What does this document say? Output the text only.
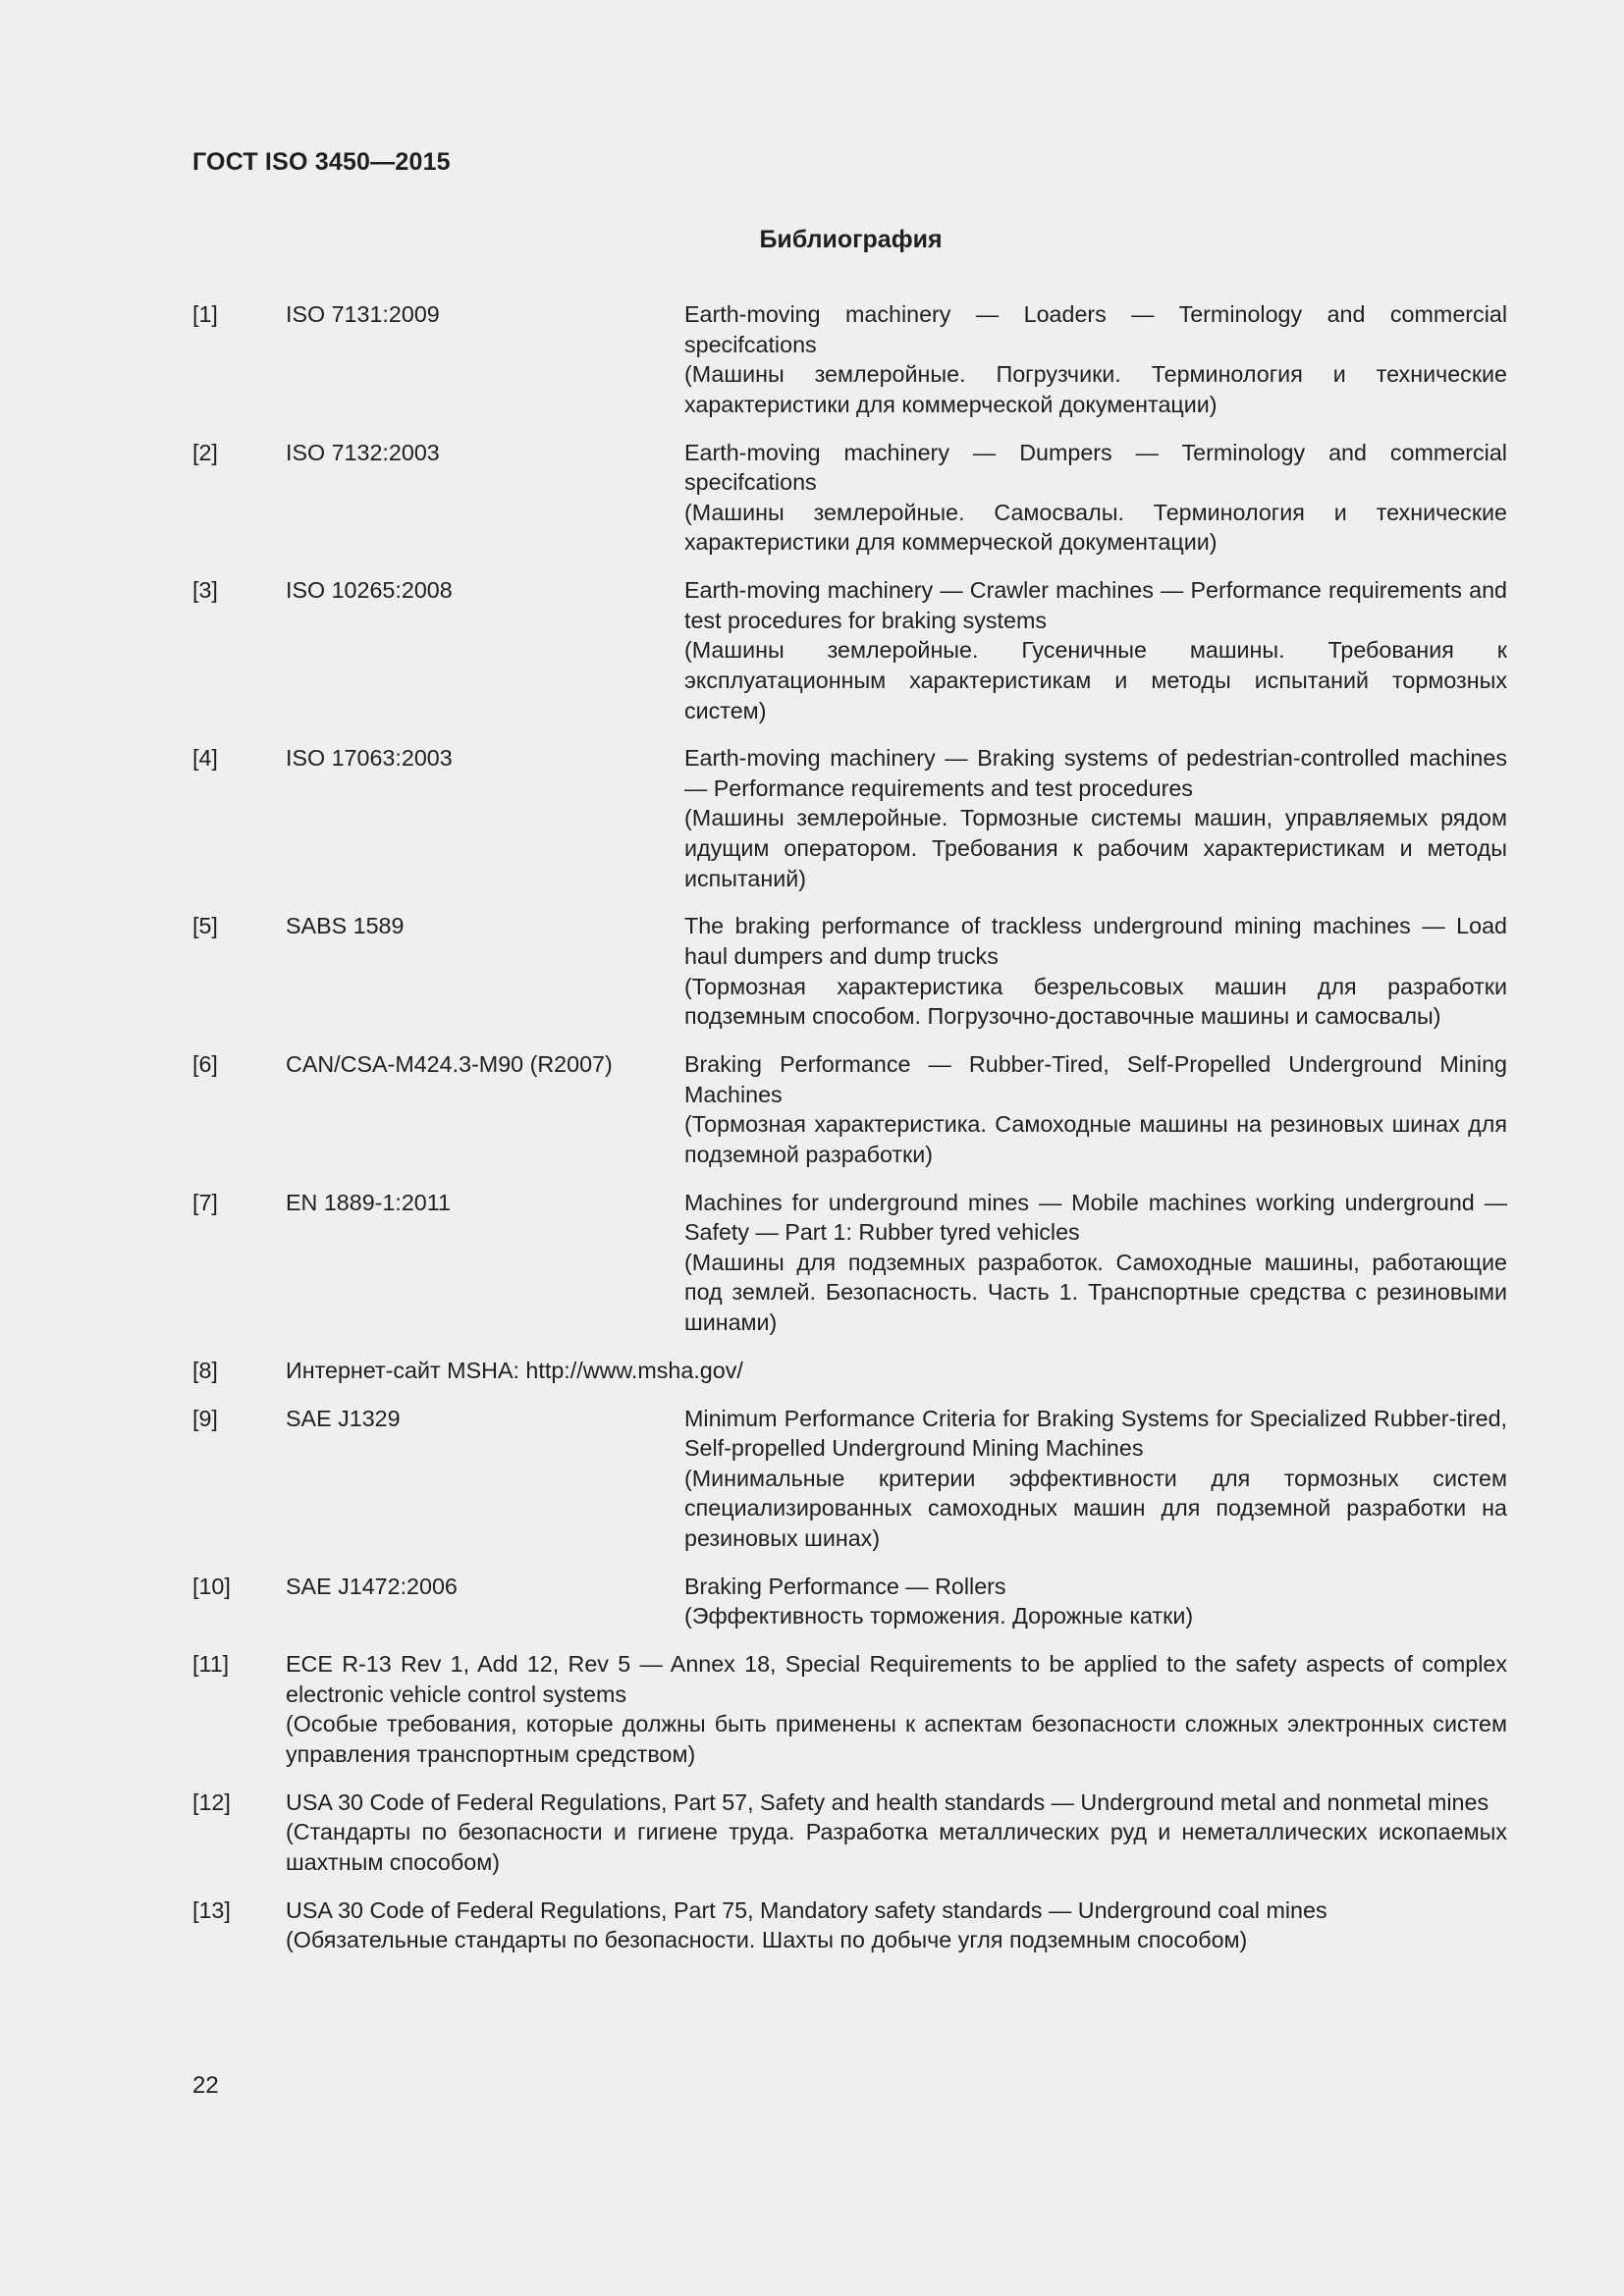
ГОСТ ISO 3450—2015
Библиография
[1]	ISO 7131:2009	Earth-moving machinery — Loaders — Terminology and commercial specifcations
(Машины землеройные. Погрузчики. Терминология и технические характеристики для коммерческой документации)
[2]	ISO 7132:2003	Earth-moving machinery — Dumpers — Terminology and commercial specifcations
(Машины землеройные. Самосвалы. Терминология и технические характеристики для коммерческой документации)
[3]	ISO 10265:2008	Earth-moving machinery — Crawler machines — Performance requirements and test procedures for braking systems
(Машины землеройные. Гусеничные машины. Требования к эксплуатационным характеристикам и методы испытаний тормозных систем)
[4]	ISO 17063:2003	Earth-moving machinery — Braking systems of pedestrian-controlled machines — Performance requirements and test procedures
(Машины землеройные. Тормозные системы машин, управляемых рядом идущим оператором. Требования к рабочим характеристикам и методы испытаний)
[5]	SABS 1589	The braking performance of trackless underground mining machines — Load haul dumpers and dump trucks
(Тормозная характеристика безрельсовых машин для разработки подземным способом. Погрузочно-доставочные машины и самосвалы)
[6]	CAN/CSA-M424.3-M90 (R2007)	Braking Performance — Rubber-Tired, Self-Propelled Underground Mining Machines
(Тормозная характеристика. Самоходные машины на резиновых шинах для подземной разработки)
[7]	EN 1889-1:2011	Machines for underground mines — Mobile machines working underground — Safety — Part 1: Rubber tyred vehicles
(Машины для подземных разработок. Самоходные машины, работающие под землей. Безопасность. Часть 1. Транспортные средства с резиновыми шинами)
[8]	Интернет-сайт MSHA: http://www.msha.gov/
[9]	SAE J1329	Minimum Performance Criteria for Braking Systems for Specialized Rubber-tired, Self-propelled Underground Mining Machines
(Минимальные критерии эффективности для тормозных систем специализированных самоходных машин для подземной разработки на резиновых шинах)
[10]	SAE J1472:2006	Braking Performance — Rollers
(Эффективность торможения. Дорожные катки)
[11]	ECE R-13 Rev 1, Add 12, Rev 5 — Annex 18, Special Requirements to be applied to the safety aspects of complex electronic vehicle control systems
(Особые требования, которые должны быть применены к аспектам безопасности сложных электронных систем управления транспортным средством)
[12]	USA 30 Code of Federal Regulations, Part 57, Safety and health standards — Underground metal and nonmetal mines
(Стандарты по безопасности и гигиене труда. Разработка металлических руд и неметаллических ископаемых шахтным способом)
[13]	USA 30 Code of Federal Regulations, Part 75, Mandatory safety standards — Underground coal mines
(Обязательные стандарты по безопасности. Шахты по добыче угля подземным способом)
22
